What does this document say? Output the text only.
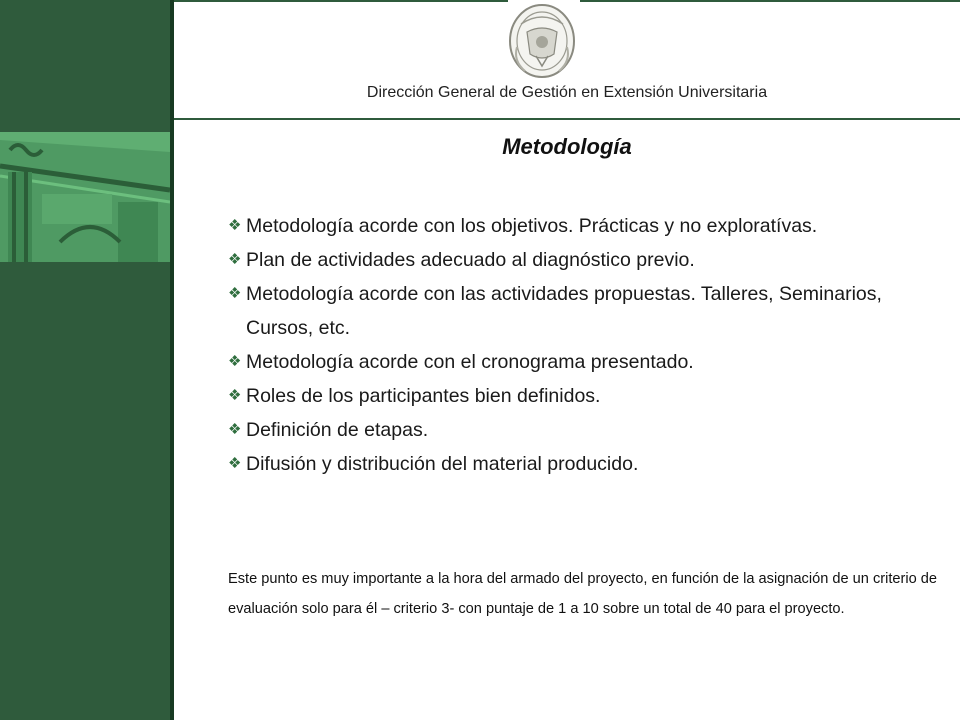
Dirección General de Gestión en Extensión Universitaria
Metodología
❖ Metodología acorde con los objetivos. Prácticas y no exploratívas.
❖ Plan de actividades adecuado al diagnóstico previo.
❖ Metodología acorde con las actividades propuestas. Talleres, Seminarios, Cursos, etc.
❖ Metodología acorde con el cronograma presentado.
❖ Roles de los participantes bien definidos.
❖ Definición de etapas.
❖ Difusión y distribución del material producido.

Este punto es muy importante a la hora del armado del proyecto, en función de la asignación de un criterio de evaluación solo para él – criterio 3- con puntaje de 1 a 10 sobre un total de 40 para el proyecto.
